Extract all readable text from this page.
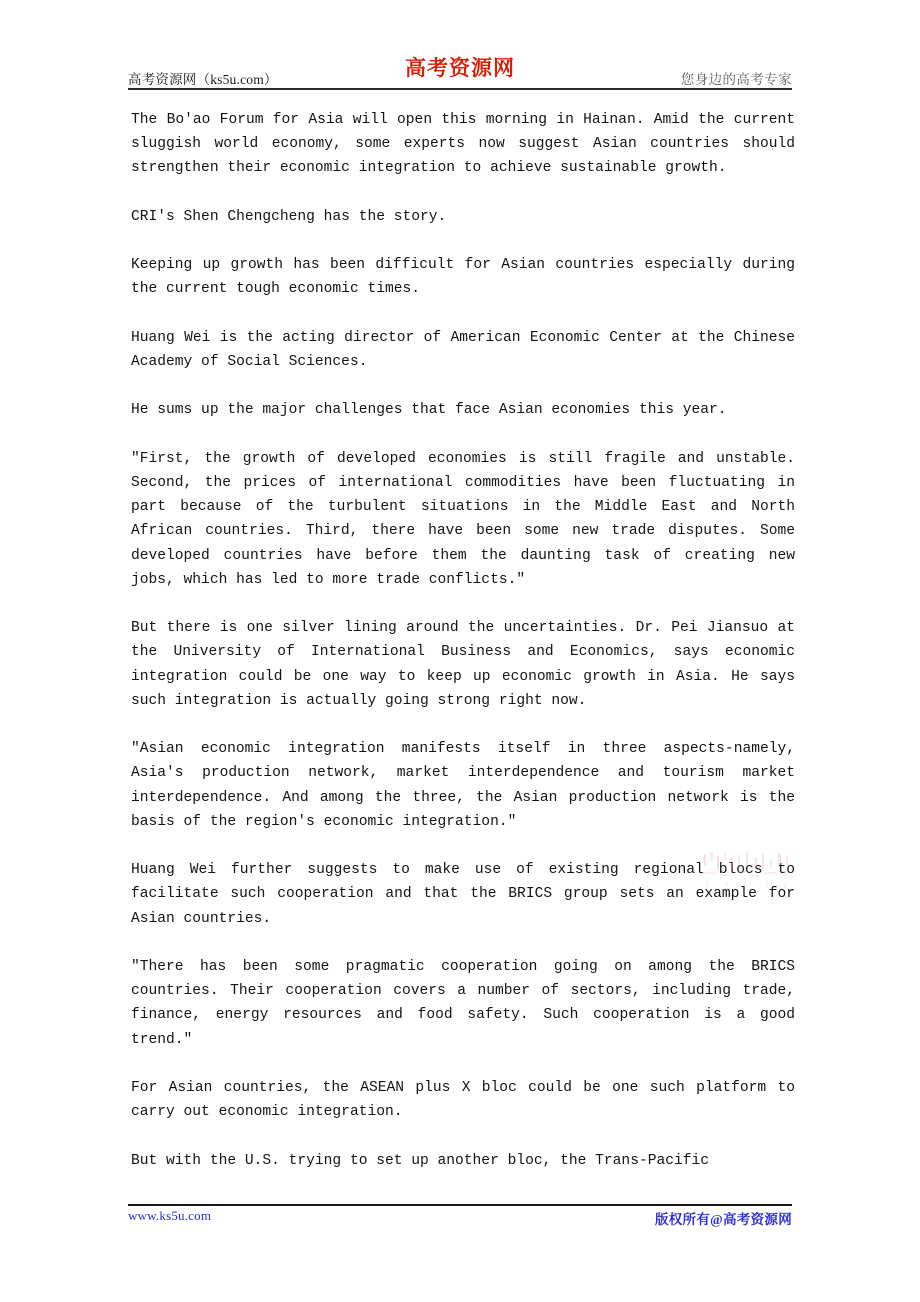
高考资源网（ks5u.com）	高考资源网	您身边的高考专家

The Bo'ao Forum for Asia will open this morning in Hainan. Amid the current sluggish world economy, some experts now suggest Asian countries should strengthen their economic integration to achieve sustainable growth.

CRI's Shen Chengcheng has the story.

Keeping up growth has been difficult for Asian countries especially during the current tough economic times.

Huang Wei is the acting director of American Economic Center at the Chinese Academy of Social Sciences.

He sums up the major challenges that face Asian economies this year.

"First, the growth of developed economies is still fragile and unstable. Second, the prices of international commodities have been fluctuating in part because of the turbulent situations in the Middle East and North African countries. Third, there have been some new trade disputes. Some developed countries have before them the daunting task of creating new jobs, which has led to more trade conflicts."

But there is one silver lining around the uncertainties. Dr. Pei Jiansuo at the University of International Business and Economics, says economic integration could be one way to keep up economic growth in Asia. He says such integration is actually going strong right now.

"Asian economic integration manifests itself in three aspects-namely, Asia's production network, market interdependence and tourism market interdependence. And among the three, the Asian production network is the basis of the region's economic integration."

Huang Wei further suggests to make use of existing regional blocs to facilitate such cooperation and that the BRICS group sets an example for Asian countries.

"There has been some pragmatic cooperation going on among the BRICS countries. Their cooperation covers a number of sectors, including trade, finance, energy resources and food safety. Such cooperation is a good trend."

For Asian countries, the ASEAN plus X bloc could be one such platform to carry out economic integration.

But with the U.S. trying to set up another bloc, the Trans-Pacific

www.ks5u.com	版权所有@高考资源网
